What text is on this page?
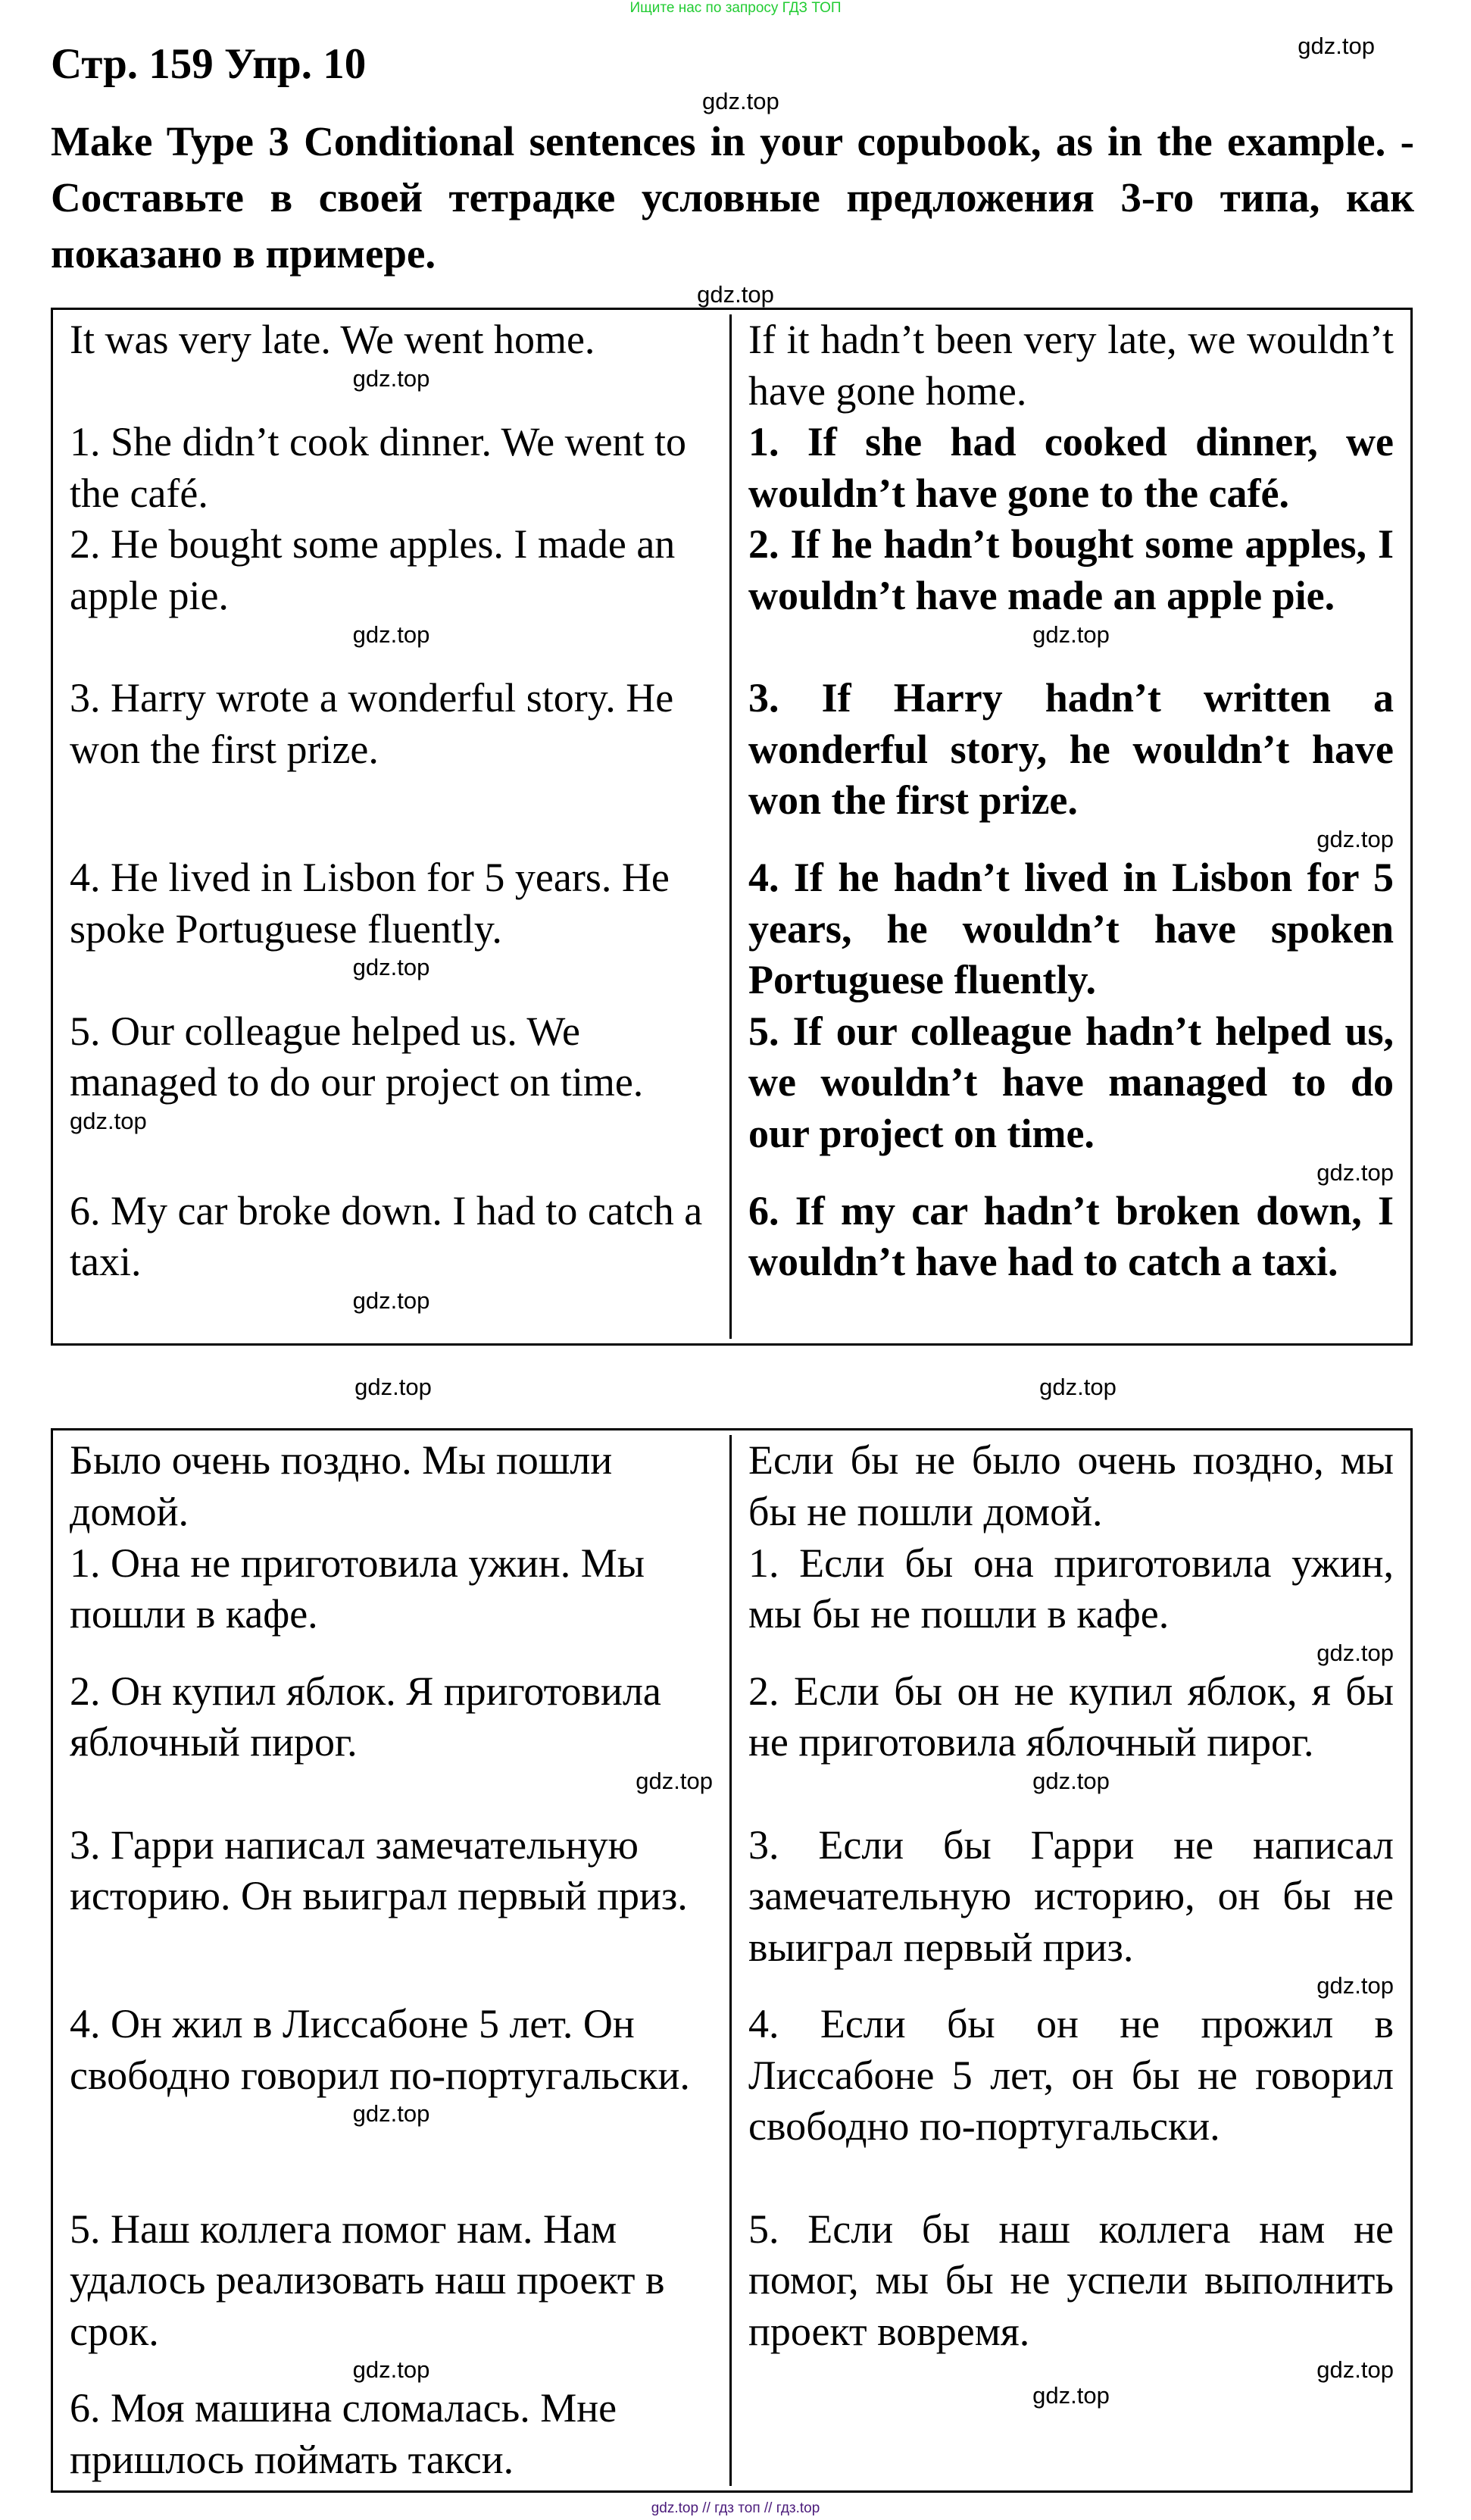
Ищите нас по запросу ГДЗ ТОП
Стр. 159 Упр. 10	gdz.top
gdz.top
Make Type 3 Conditional sentences in your copubook, as in the example. - Составьте в своей тетрадке условные предложения 3-го типа, как показано в примере.
gdz.top

It was very late. We went home.

gdz.top

If it hadn’t been very late, we wouldn’t have gone home.

1. She didn’t cook dinner. We went to the café.

1. If she had cooked dinner, we wouldn’t have gone to the café.

2. He bought some apples. I made an apple pie.

gdz.top

2. If he hadn’t bought some apples, I wouldn’t have made an apple pie.

gdz.top

3. Harry wrote a wonderful story. He won the first prize.

3. If Harry hadn’t written a wonderful story, he wouldn’t have won the first prize.

gdz.top

4. He lived in Lisbon for 5 years. He spoke Portuguese fluently.

gdz.top

4. If he hadn’t lived in Lisbon for 5 years, he wouldn’t have spoken Portuguese fluently.

5. Our colleague helped us. We managed to do our project on time.

gdz.top

5. If our colleague hadn’t helped us, we wouldn’t have managed to do our project on time.

gdz.top

6. My car broke down. I had to catch a taxi.

gdz.top

6. If my car hadn’t broken down, I wouldn’t have had to catch a taxi.

gdz.top	gdz.top

Было очень поздно. Мы пошли домой.

Если бы не было очень поздно, мы бы не пошли домой.

1. Она не приготовила ужин. Мы пошли в кафе.

1. Если бы она приготовила ужин, мы бы не пошли в кафе.

gdz.top

2. Он купил яблок. Я приготовила яблочный пирог.

gdz.top

2. Если бы он не купил яблок, я бы не приготовила яблочный пирог.

gdz.top

3. Гарри написал замечательную историю. Он выиграл первый приз.

3. Если бы Гарри не написал замечательную историю, он бы не выиграл первый приз.

gdz.top

4. Он жил в Лиссабоне 5 лет. Он свободно говорил по-португальски.

gdz.top

4. Если бы он не прожил в Лиссабоне 5 лет, он бы не говорил свободно по-португальски.

5. Наш коллега помог нам. Нам удалось реализовать наш проект в срок.

gdz.top

5. Если бы наш коллега нам не помог, мы бы не успели выполнить проект вовремя.

gdz.top

6. Моя машина сломалась. Мне пришлось поймать такси.

gdz.top
gdz.top // гдз топ // гдз.top
